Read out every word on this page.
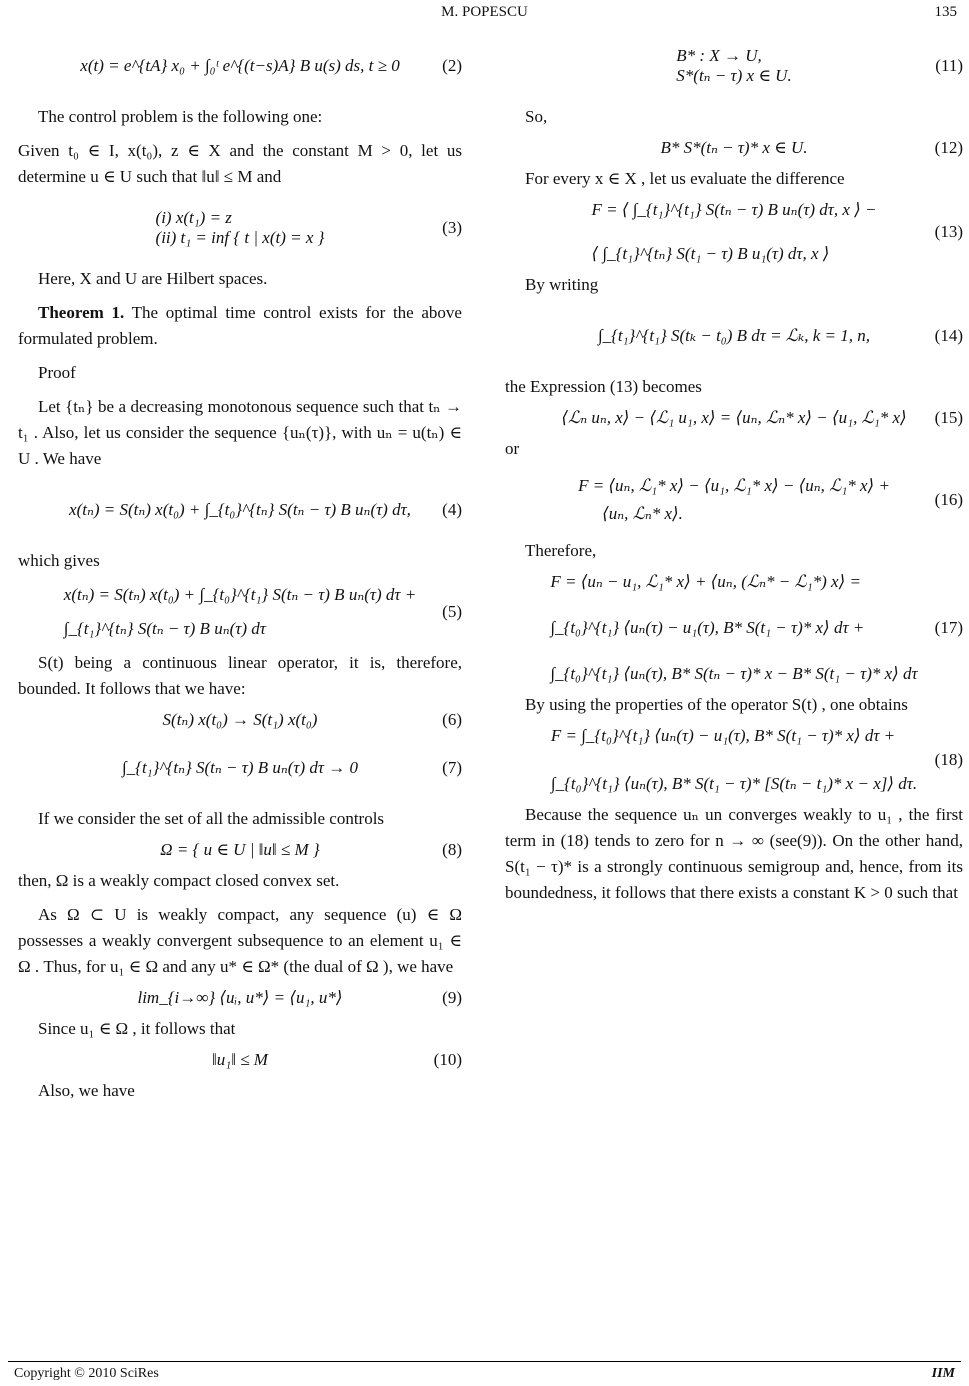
M. POPESCU	135
x(t) = e^{tA} x₀ + ∫₀ᵗ e^{(t−s)A} B u(s) ds, t ≥ 0 (2)

The control problem is the following one:

Given t₀ ∈ I, x(t₀), z ∈ X and the constant M > 0, let us determine u ∈ U such that ‖u‖ ≤ M and

(i) x(t₁) = z
(ii) t₁ = inf { t | x(t) = x }
(3)

Here, X and U are Hilbert spaces.

Theorem 1. The optimal time control exists for the above formulated problem.

Proof

Let {tₙ} be a decreasing monotonous sequence such that tₙ → t₁ . Also, let us consider the sequence {uₙ(τ)}, with uₙ = u(tₙ) ∈ U . We have

x(tₙ) = S(tₙ) x(t₀) + ∫_{t₀}^{tₙ} S(tₙ − τ) B uₙ(τ) dτ, (4)

which gives

x(tₙ) = S(tₙ) x(t₀) + ∫_{t₀}^{t₁} S(tₙ − τ) B uₙ(τ) dτ +
∫_{t₁}^{tₙ} S(tₙ − τ) B uₙ(τ) dτ
(5)

S(t) being a continuous linear operator, it is, therefore, bounded. It follows that we have:

S(tₙ) x(t₀) → S(t₁) x(t₀)	(6)
∫_{t₁}^{tₙ} S(tₙ − τ) B uₙ(τ) dτ → 0	(7)

If we consider the set of all the admissible controls

Ω = { u ∈ U | ‖u‖ ≤ M }	(8)

then, Ω is a weakly compact closed convex set.

As Ω ⊂ U is weakly compact, any sequence (u) ∈ Ω possesses a weakly convergent subsequence to an element u₁ ∈ Ω . Thus, for u₁ ∈ Ω and any u* ∈ Ω* (the dual of Ω ), we have

lim_{i→∞} ⟨uᵢ, u*⟩ = ⟨u₁, u*⟩	(9)

Since u₁ ∈ Ω , it follows that

‖u₁‖ ≤ M	(10)

Also, we have

B* : X → U,
S*(tₙ − τ) x ∈ U.
(11)

So,

B* S*(tₙ − τ)* x ∈ U.	(12)

For every x ∈ X , let us evaluate the difference

F = ⟨ ∫_{t₁}^{t₁} S(tₙ − τ) B uₙ(τ) dτ, x ⟩ −
⟨ ∫_{t₁}^{tₙ} S(t₁ − τ) B u₁(τ) dτ, x ⟩
(13)

By writing

∫_{t₁}^{t₁} S(tₖ − t₀) B dτ = ℒₖ, k = 1, n,	(14)

the Expression (13) becomes

⟨ℒₙ uₙ, x⟩ − ⟨ℒ₁ u₁, x⟩ = ⟨uₙ, ℒₙ* x⟩ − ⟨u₁, ℒ₁* x⟩ (15)

or

F = ⟨uₙ, ℒ₁* x⟩ − ⟨u₁, ℒ₁* x⟩ − ⟨uₙ, ℒ₁* x⟩ +
⟨uₙ, ℒₙ* x⟩.
(16)

Therefore,

F = ⟨uₙ − u₁, ℒ₁* x⟩ + ⟨uₙ, (ℒₙ* − ℒ₁*) x⟩ =
∫_{t₀}^{t₁} ⟨uₙ(τ) − u₁(τ), B* S(t₁ − τ)* x⟩ dτ +
∫_{t₀}^{t₁} ⟨uₙ(τ), B* S(tₙ − τ)* x − B* S(t₁ − τ)* x⟩ dτ
(17)

By using the properties of the operator S(t) , one obtains

F = ∫_{t₀}^{t₁} ⟨uₙ(τ) − u₁(τ), B* S(t₁ − τ)* x⟩ dτ +
∫_{t₀}^{t₁} ⟨uₙ(τ), B* S(t₁ − τ)* [S(tₙ − t₁)* x − x]⟩ dτ.
(18)

Because the sequence uₙ un converges weakly to u₁ , the first term in (18) tends to zero for n → ∞ (see(9)). On the other hand, S(t₁ − τ)* is a strongly continuous semigroup and, hence, from its boundedness, it follows that there exists a constant K > 0 such that

Copyright © 2010 SciRes	IIM
